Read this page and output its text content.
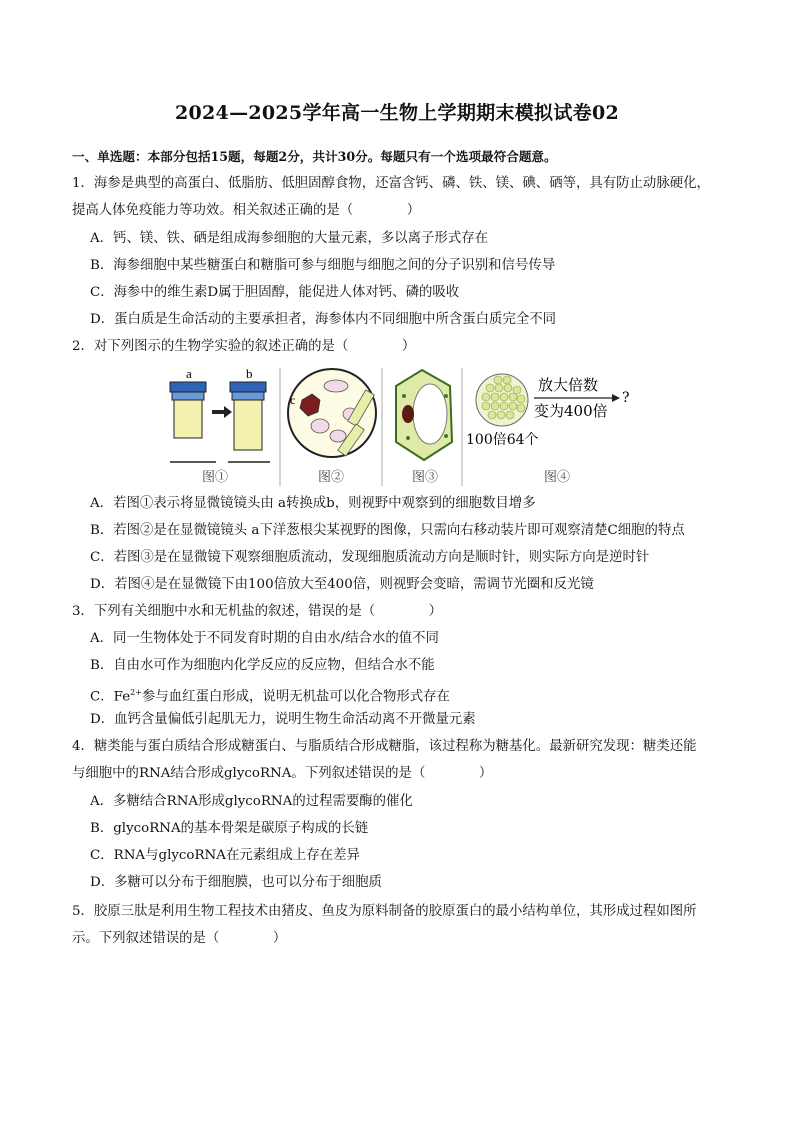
2024—2025学年高一生物上学期期末模拟试卷02
一、单选题：本部分包括15题，每题2分，共计30分。每题只有一个选项最符合题意。
1．海参是典型的高蛋白、低脂肪、低胆固醇食物，还富含钙、磷、铁、镁、碘、硒等，具有防止动脉硬化，
提高人体免疫能力等功效。相关叙述正确的是（　　　　）
A．钙、镁、铁、硒是组成海参细胞的大量元素，多以离子形式存在
B．海参细胞中某些糖蛋白和糖脂可参与细胞与细胞之间的分子识别和信号传导
C．海参中的维生素D属于胆固醇，能促进人体对钙、磷的吸收
D．蛋白质是生命活动的主要承担者，海参体内不同细胞中所含蛋白质完全不同
2．对下列图示的生物学实验的叙述正确的是（　　　　）
a	b
图①
c
图②	图③
放大倍数
?
变为400倍
100倍64个
图④
A．若图①表示将显微镜镜头由 a转换成b，则视野中观察到的细胞数目增多
B．若图②是在显微镜镜头 a下洋葱根尖某视野的图像，只需向右移动装片即可观察清楚C细胞的特点
C．若图③是在显微镜下观察细胞质流动，发现细胞质流动方向是顺时针，则实际方向是逆时针
D．若图④是在显微镜下由100倍放大至400倍，则视野会变暗，需调节光圈和反光镜
3．下列有关细胞中水和无机盐的叙述，错误的是（　　　　）
A．同一生物体处于不同发育时期的自由水/结合水的值不同
B．自由水可作为细胞内化学反应的反应物，但结合水不能
C．$Fe^{2+}$参与血红蛋白形成，说明无机盐可以化合物形式存在
D．血钙含量偏低引起肌无力，说明生物生命活动离不开微量元素
4．糖类能与蛋白质结合形成糖蛋白、与脂质结合形成糖脂，该过程称为糖基化。最新研究发现：糖类还能
与细胞中的RNA结合形成glycoRNA。下列叙述错误的是（　　　　）
A．多糖结合RNA形成glycoRNA的过程需要酶的催化
B．glycoRNA的基本骨架是碳原子构成的长链
C．RNA与glycoRNA在元素组成上存在差异
D．多糖可以分布于细胞膜，也可以分布于细胞质
5．胶原三肽是利用生物工程技术由猪皮、鱼皮为原料制备的胶原蛋白的最小结构单位，其形成过程如图所
示。下列叙述错误的是（　　　　）
